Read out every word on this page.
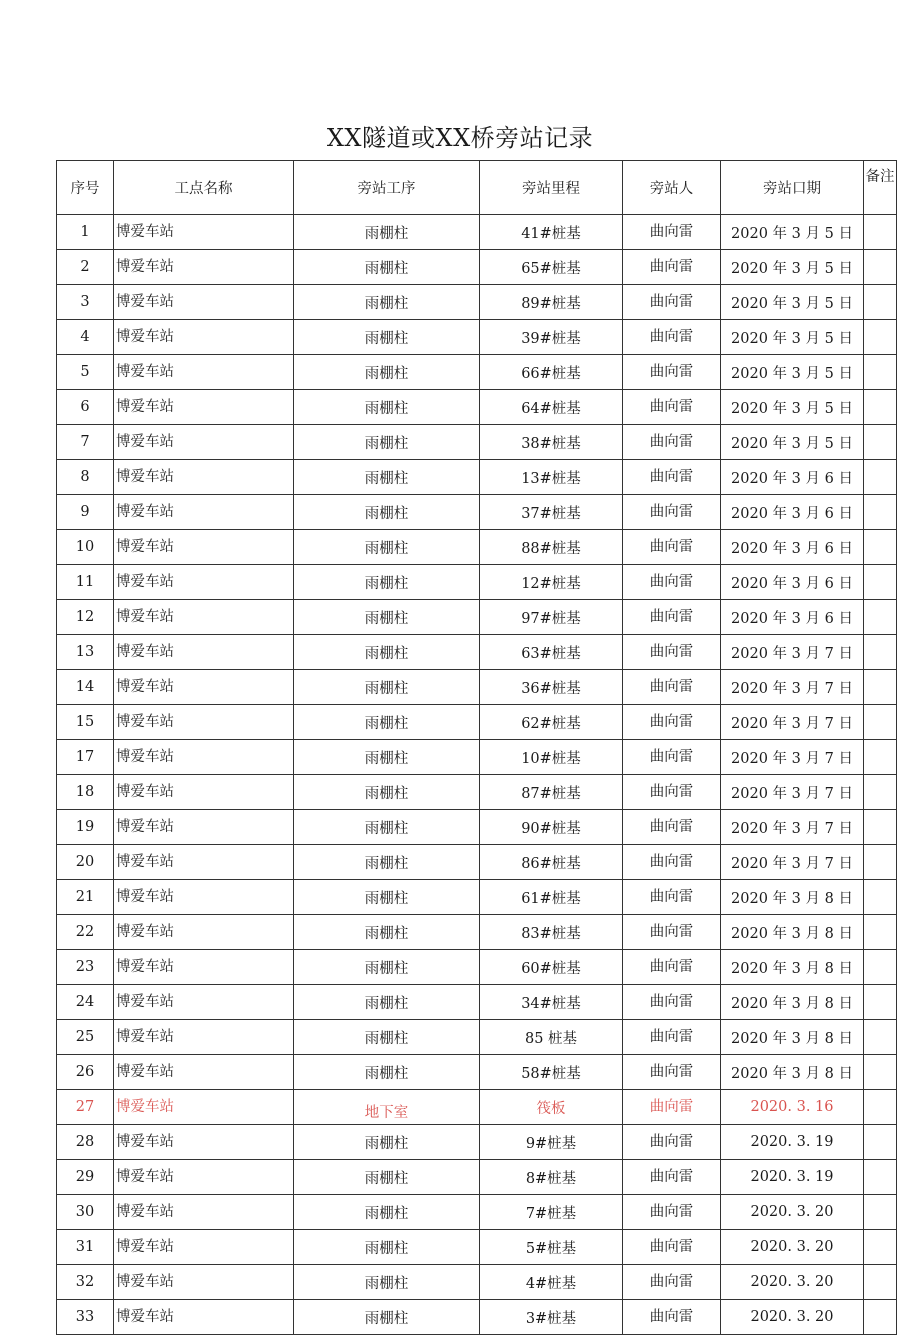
XX隧道或XX桥旁站记录
序号	工点名称	旁站工序	旁站里程	旁站人	旁站口期	备注
1	博爱车站	雨棚柱	41#桩基	曲向雷	2020 年 3 月 5 日	
2	博爱车站	雨棚柱	65#桩基	曲向雷	2020 年 3 月 5 日	
3	博爱车站	雨棚柱	89#桩基	曲向雷	2020 年 3 月 5 日	
4	博爱车站	雨棚柱	39#桩基	曲向雷	2020 年 3 月 5 日	
5	博爱车站	雨棚柱	66#桩基	曲向雷	2020 年 3 月 5 日	
6	博爱车站	雨棚柱	64#桩基	曲向雷	2020 年 3 月 5 日	
7	博爱车站	雨棚柱	38#桩基	曲向雷	2020 年 3 月 5 日	
8	博爱车站	雨棚柱	13#桩基	曲向雷	2020 年 3 月 6 日	
9	博爱车站	雨棚柱	37#桩基	曲向雷	2020 年 3 月 6 日	
10	博爱车站	雨棚柱	88#桩基	曲向雷	2020 年 3 月 6 日	
11	博爱车站	雨棚柱	12#桩基	曲向雷	2020 年 3 月 6 日	
12	博爱车站	雨棚柱	97#桩基	曲向雷	2020 年 3 月 6 日	
13	博爱车站	雨棚柱	63#桩基	曲向雷	2020 年 3 月 7 日	
14	博爱车站	雨棚柱	36#桩基	曲向雷	2020 年 3 月 7 日	
15	博爱车站	雨棚柱	62#桩基	曲向雷	2020 年 3 月 7 日	
17	博爱车站	雨棚柱	10#桩基	曲向雷	2020 年 3 月 7 日	
18	博爱车站	雨棚柱	87#桩基	曲向雷	2020 年 3 月 7 日	
19	博爱车站	雨棚柱	90#桩基	曲向雷	2020 年 3 月 7 日	
20	博爱车站	雨棚柱	86#桩基	曲向雷	2020 年 3 月 7 日	
21	博爱车站	雨棚柱	61#桩基	曲向雷	2020 年 3 月 8 日	
22	博爱车站	雨棚柱	83#桩基	曲向雷	2020 年 3 月 8 日	
23	博爱车站	雨棚柱	60#桩基	曲向雷	2020 年 3 月 8 日	
24	博爱车站	雨棚柱	34#桩基	曲向雷	2020 年 3 月 8 日	
25	博爱车站	雨棚柱	85 桩基	曲向雷	2020 年 3 月 8 日	
26	博爱车站	雨棚柱	58#桩基	曲向雷	2020 年 3 月 8 日	
27	博爱车站	地下室	筏板	曲向雷	2020. 3. 16	
28	博爱车站	雨棚柱	9#桩基	曲向雷	2020. 3. 19	
29	博爱车站	雨棚柱	8#桩基	曲向雷	2020. 3. 19	
30	博爱车站	雨棚柱	7#桩基	曲向雷	2020. 3. 20	
31	博爱车站	雨棚柱	5#桩基	曲向雷	2020. 3. 20	
32	博爱车站	雨棚柱	4#桩基	曲向雷	2020. 3. 20	
33	博爱车站	雨棚柱	3#桩基	曲向雷	2020. 3. 20	
